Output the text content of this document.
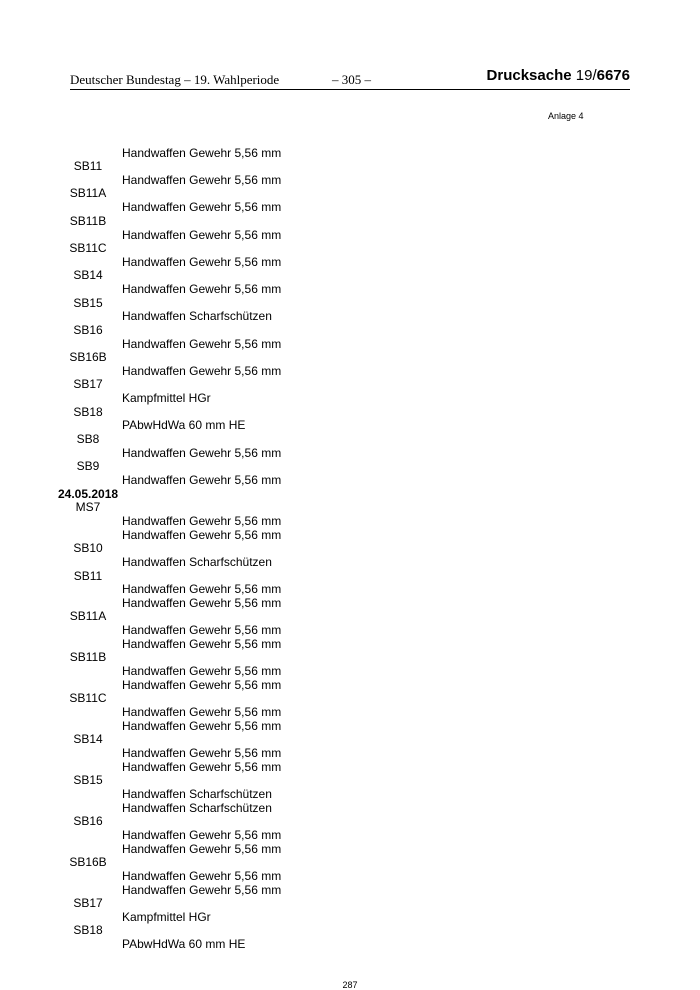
Deutscher Bundestag – 19. Wahlperiode	– 305 –	Drucksache 19/6676
Anlage 4
Handwaffen Gewehr 5,56 mm
SB11
Handwaffen Gewehr 5,56 mm
SB11A
Handwaffen Gewehr 5,56 mm
SB11B
Handwaffen Gewehr 5,56 mm
SB11C
Handwaffen Gewehr 5,56 mm
SB14
Handwaffen Gewehr 5,56 mm
SB15
Handwaffen Scharfschützen
SB16
Handwaffen Gewehr 5,56 mm
SB16B
Handwaffen Gewehr 5,56 mm
SB17
Kampfmittel HGr
SB18
PAbwHdWa 60 mm HE
SB8
Handwaffen Gewehr 5,56 mm
SB9
Handwaffen Gewehr 5,56 mm
24.05.2018
MS7
Handwaffen Gewehr 5,56 mm
Handwaffen Gewehr 5,56 mm
SB10
Handwaffen Scharfschützen
SB11
Handwaffen Gewehr 5,56 mm
Handwaffen Gewehr 5,56 mm
SB11A
Handwaffen Gewehr 5,56 mm
Handwaffen Gewehr 5,56 mm
SB11B
Handwaffen Gewehr 5,56 mm
Handwaffen Gewehr 5,56 mm
SB11C
Handwaffen Gewehr 5,56 mm
Handwaffen Gewehr 5,56 mm
SB14
Handwaffen Gewehr 5,56 mm
Handwaffen Gewehr 5,56 mm
SB15
Handwaffen Scharfschützen
Handwaffen Scharfschützen
SB16
Handwaffen Gewehr 5,56 mm
Handwaffen Gewehr 5,56 mm
SB16B
Handwaffen Gewehr 5,56 mm
Handwaffen Gewehr 5,56 mm
SB17
Kampfmittel HGr
SB18
PAbwHdWa 60 mm HE
287
